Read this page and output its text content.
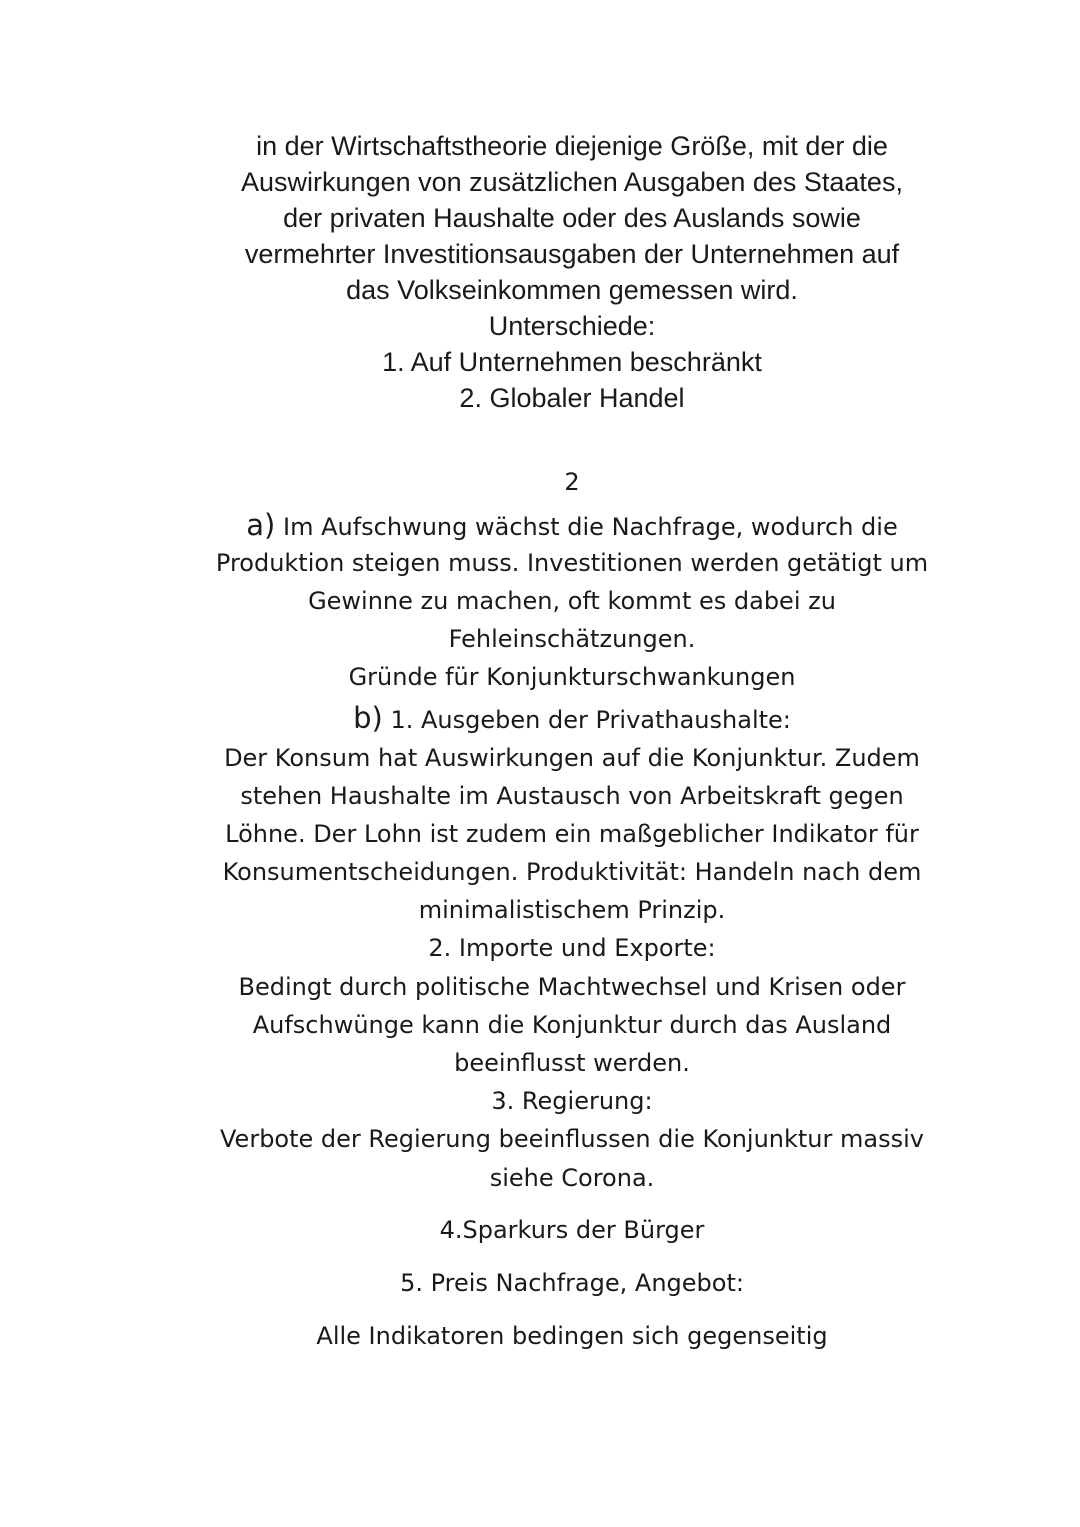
in der Wirtschaftstheorie diejenige Größe, mit der die
Auswirkungen von zusätzlichen Ausgaben des Staates,
der privaten Haushalte oder des Auslands sowie
vermehrter Investitionsausgaben der Unternehmen auf
das Volkseinkommen gemessen wird.
Unterschiede:
1. Auf Unternehmen beschränkt
2. Globaler Handel
2
a) Im Aufschwung wächst die Nachfrage, wodurch die
Produktion steigen muss. Investitionen werden getätigt um
Gewinne zu machen, oft kommt es dabei zu
Fehleinschätzungen.
Gründe für Konjunkturschwankungen
b) 1. Ausgeben der Privathaushalte:
Der Konsum hat Auswirkungen auf die Konjunktur. Zudem
stehen Haushalte im Austausch von Arbeitskraft gegen
Löhne. Der Lohn ist zudem ein maßgeblicher Indikator für
Konsumentscheidungen. Produktivität: Handeln nach dem
minimalistischem Prinzip.
2. Importe und Exporte:
Bedingt durch politische Machtwechsel und Krisen oder
Aufschwünge kann die Konjunktur durch das Ausland
beeinflusst werden.
3. Regierung:
Verbote der Regierung beeinflussen die Konjunktur massiv
siehe Corona.
4.Sparkurs der Bürger
5. Preis Nachfrage, Angebot:
Alle Indikatoren bedingen sich gegenseitig
